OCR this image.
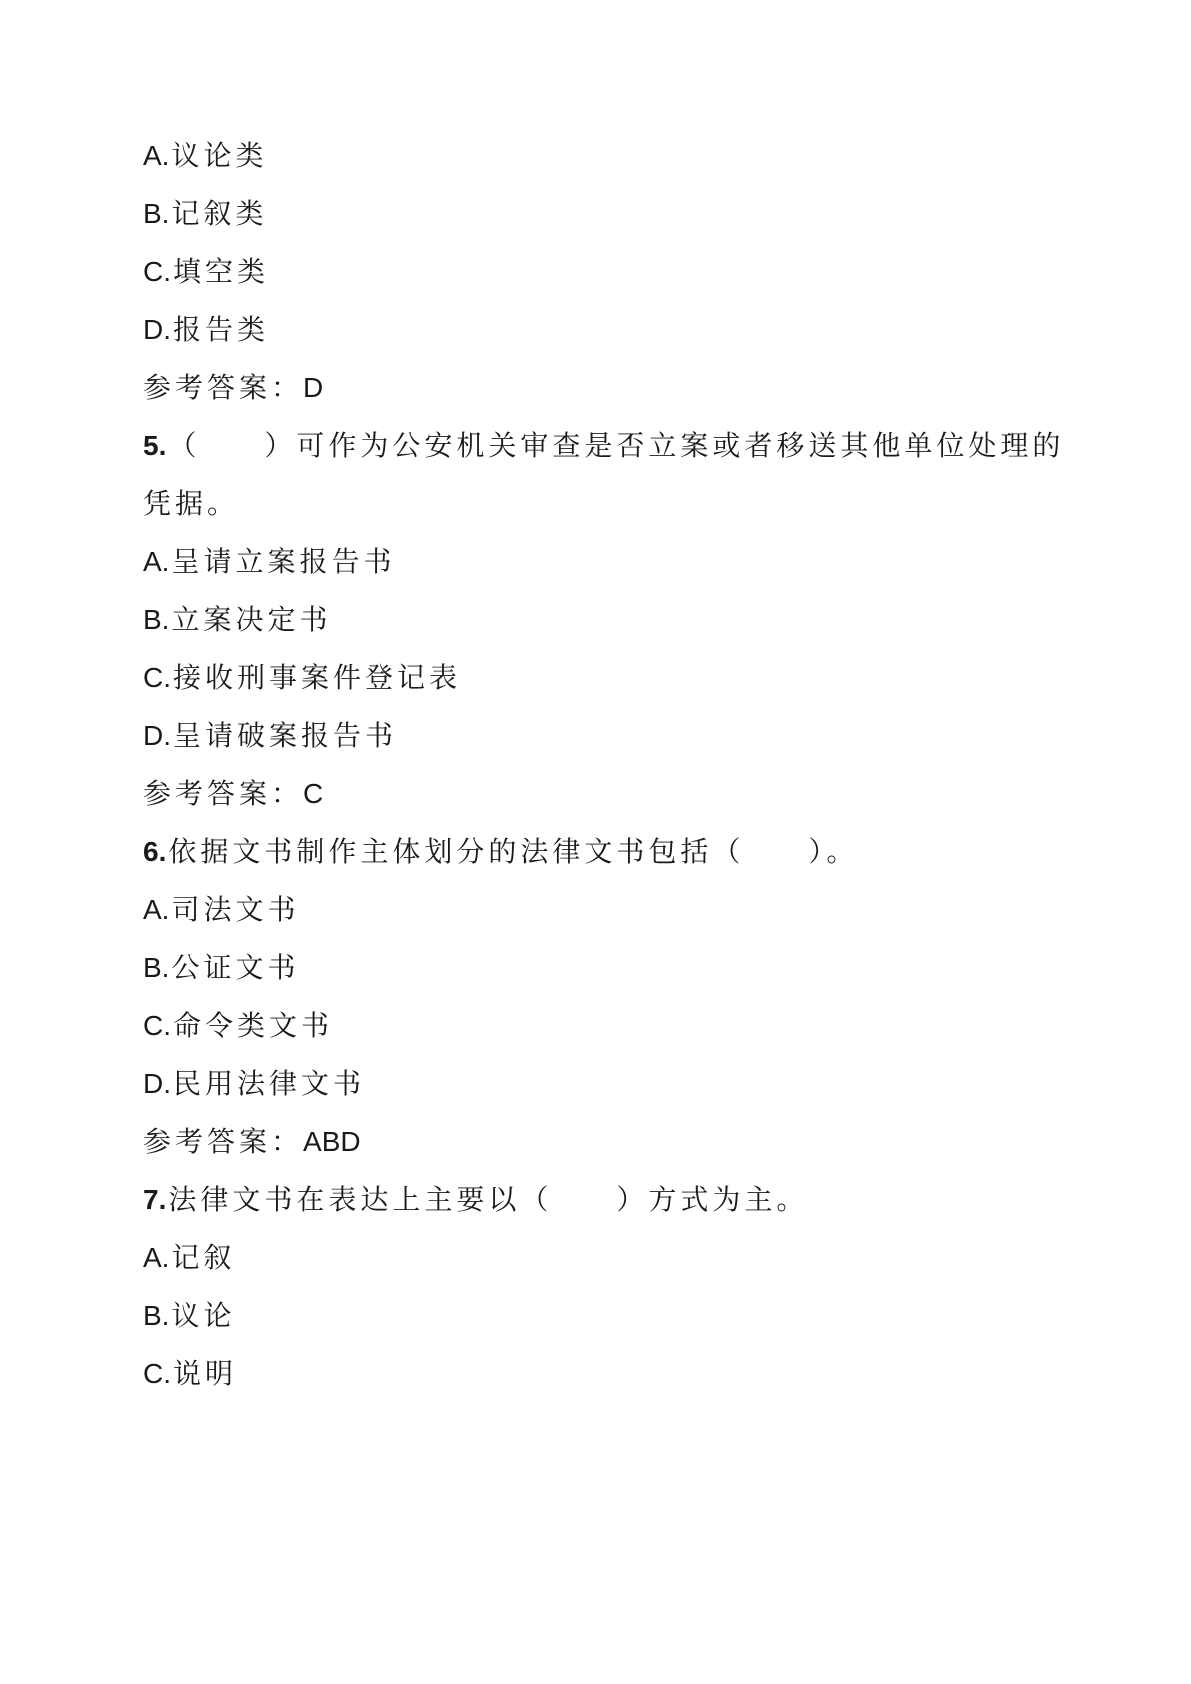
A.议论类
B.记叙类
C.填空类
D.报告类
参考答案：D
5.（　　）可作为公安机关审查是否立案或者移送其他单位处理的
凭据。
A.呈请立案报告书
B.立案决定书
C.接收刑事案件登记表
D.呈请破案报告书
参考答案：C
6.依据文书制作主体划分的法律文书包括（　　）。
A.司法文书
B.公证文书
C.命令类文书
D.民用法律文书
参考答案：ABD
7.法律文书在表达上主要以（　　）方式为主。
A.记叙
B.议论
C.说明
